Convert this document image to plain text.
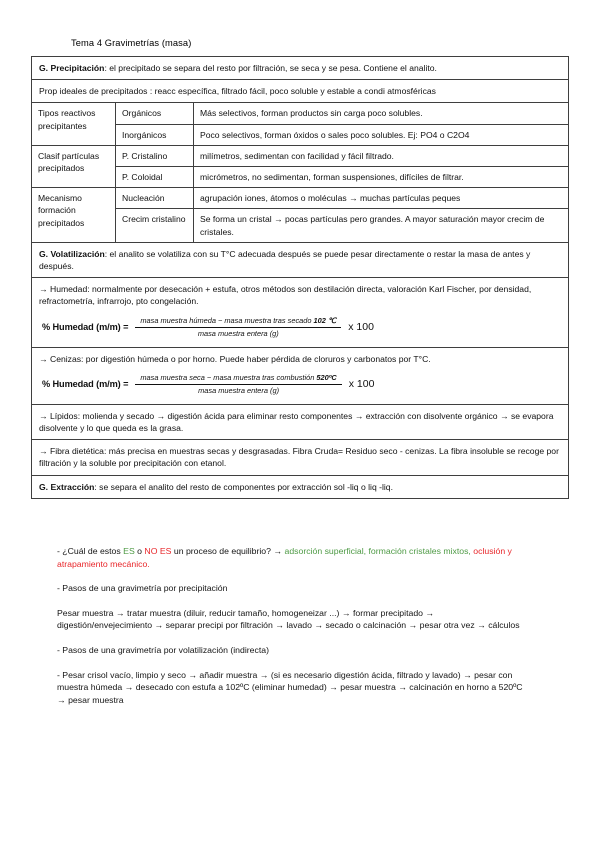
Tema 4 Gravimetrías (masa)
G. Precipitación: el precipitado se separa del resto por filtración, se seca y se pesa. Contiene el analito.		
Prop ideales de precipitados : reacc específica, filtrado fácil, poco soluble y estable a condi atmosféricas		
Tipos reactivos precipitantes	Orgánicos	Más selectivos, forman productos sin carga poco solubles.
	Inorgánicos	Poco selectivos, forman óxidos o sales poco solubles. Ej: PO4 o C2O4
Clasif partículas precipitados	P. Cristalino	milímetros, sedimentan con facilidad y fácil filtrado.
	P. Coloidal	micrómetros, no sedimentan, forman suspensiones, difíciles de filtrar.
Mecanismo formación precipitados	Nucleación	agrupación iones, átomos o moléculas → muchas partículas peques
	Crecim cristalino	Se forma un cristal → pocas partículas pero grandes. A mayor saturación mayor crecim de cristales.
G. Volatilización: el analito se volatiliza con su T°C adecuada después se puede pesar directamente o restar la masa de antes y después.		

→ Humedad: normalmente por desecación + estufa, otros métodos son destilación directa, valoración Karl Fischer, por densidad, refractometría, infrarrojo, pto congelación.
% Humedad $(m/m) = \frac{\text{masa muestra húmeda − masa muestra tras secado 102 ℃}}{\text{masa muestra entera (g)}}$ x 100		

→ Cenizas: por digestión húmeda o por horno. Puede haber pérdida de cloruros y carbonatos por T°C.
% Humedad $(m/m) = \frac{\text{masa muestra seca − masa muestra tras combustión 520ºC}}{\text{masa muestra entera (g)}}$ x 100		

→ Lípidos: molienda y secado → digestión ácida para eliminar resto componentes → extracción con disolvente orgánico → se evapora disolvente y lo que queda es la grasa.		
→ Fibra dietética: más precisa en muestras secas y desgrasadas. Fibra Cruda= Residuo seco - cenizas. La fibra insoluble se recoge por filtración y la soluble por precipitación con etanol.		
G. Extracción: se separa el analito del resto de componentes por extracción sol -liq o liq -liq.		

- ¿Cuál de estos ES o NO ES un proceso de equilibrio? → adsorción superficial, formación cristales mixtos, oclusión y atrapamiento mecánico.

- Pasos de una gravimetría por precipitación

Pesar muestra → tratar muestra (diluir, reducir tamaño, homogeneizar ...) → formar precipitado → digestión/envejecimiento → separar precipi por filtración → lavado → secado o calcinación → pesar otra vez → cálculos

- Pasos de una gravimetría por volatilización (indirecta)

- Pesar crisol vacío, limpio y seco → añadir muestra → (si es necesario digestión ácida, filtrado y lavado) → pesar con muestra húmeda → desecado con estufa a 102ºC (eliminar humedad) → pesar muestra → calcinación en horno a 520ºC → pesar muestra
